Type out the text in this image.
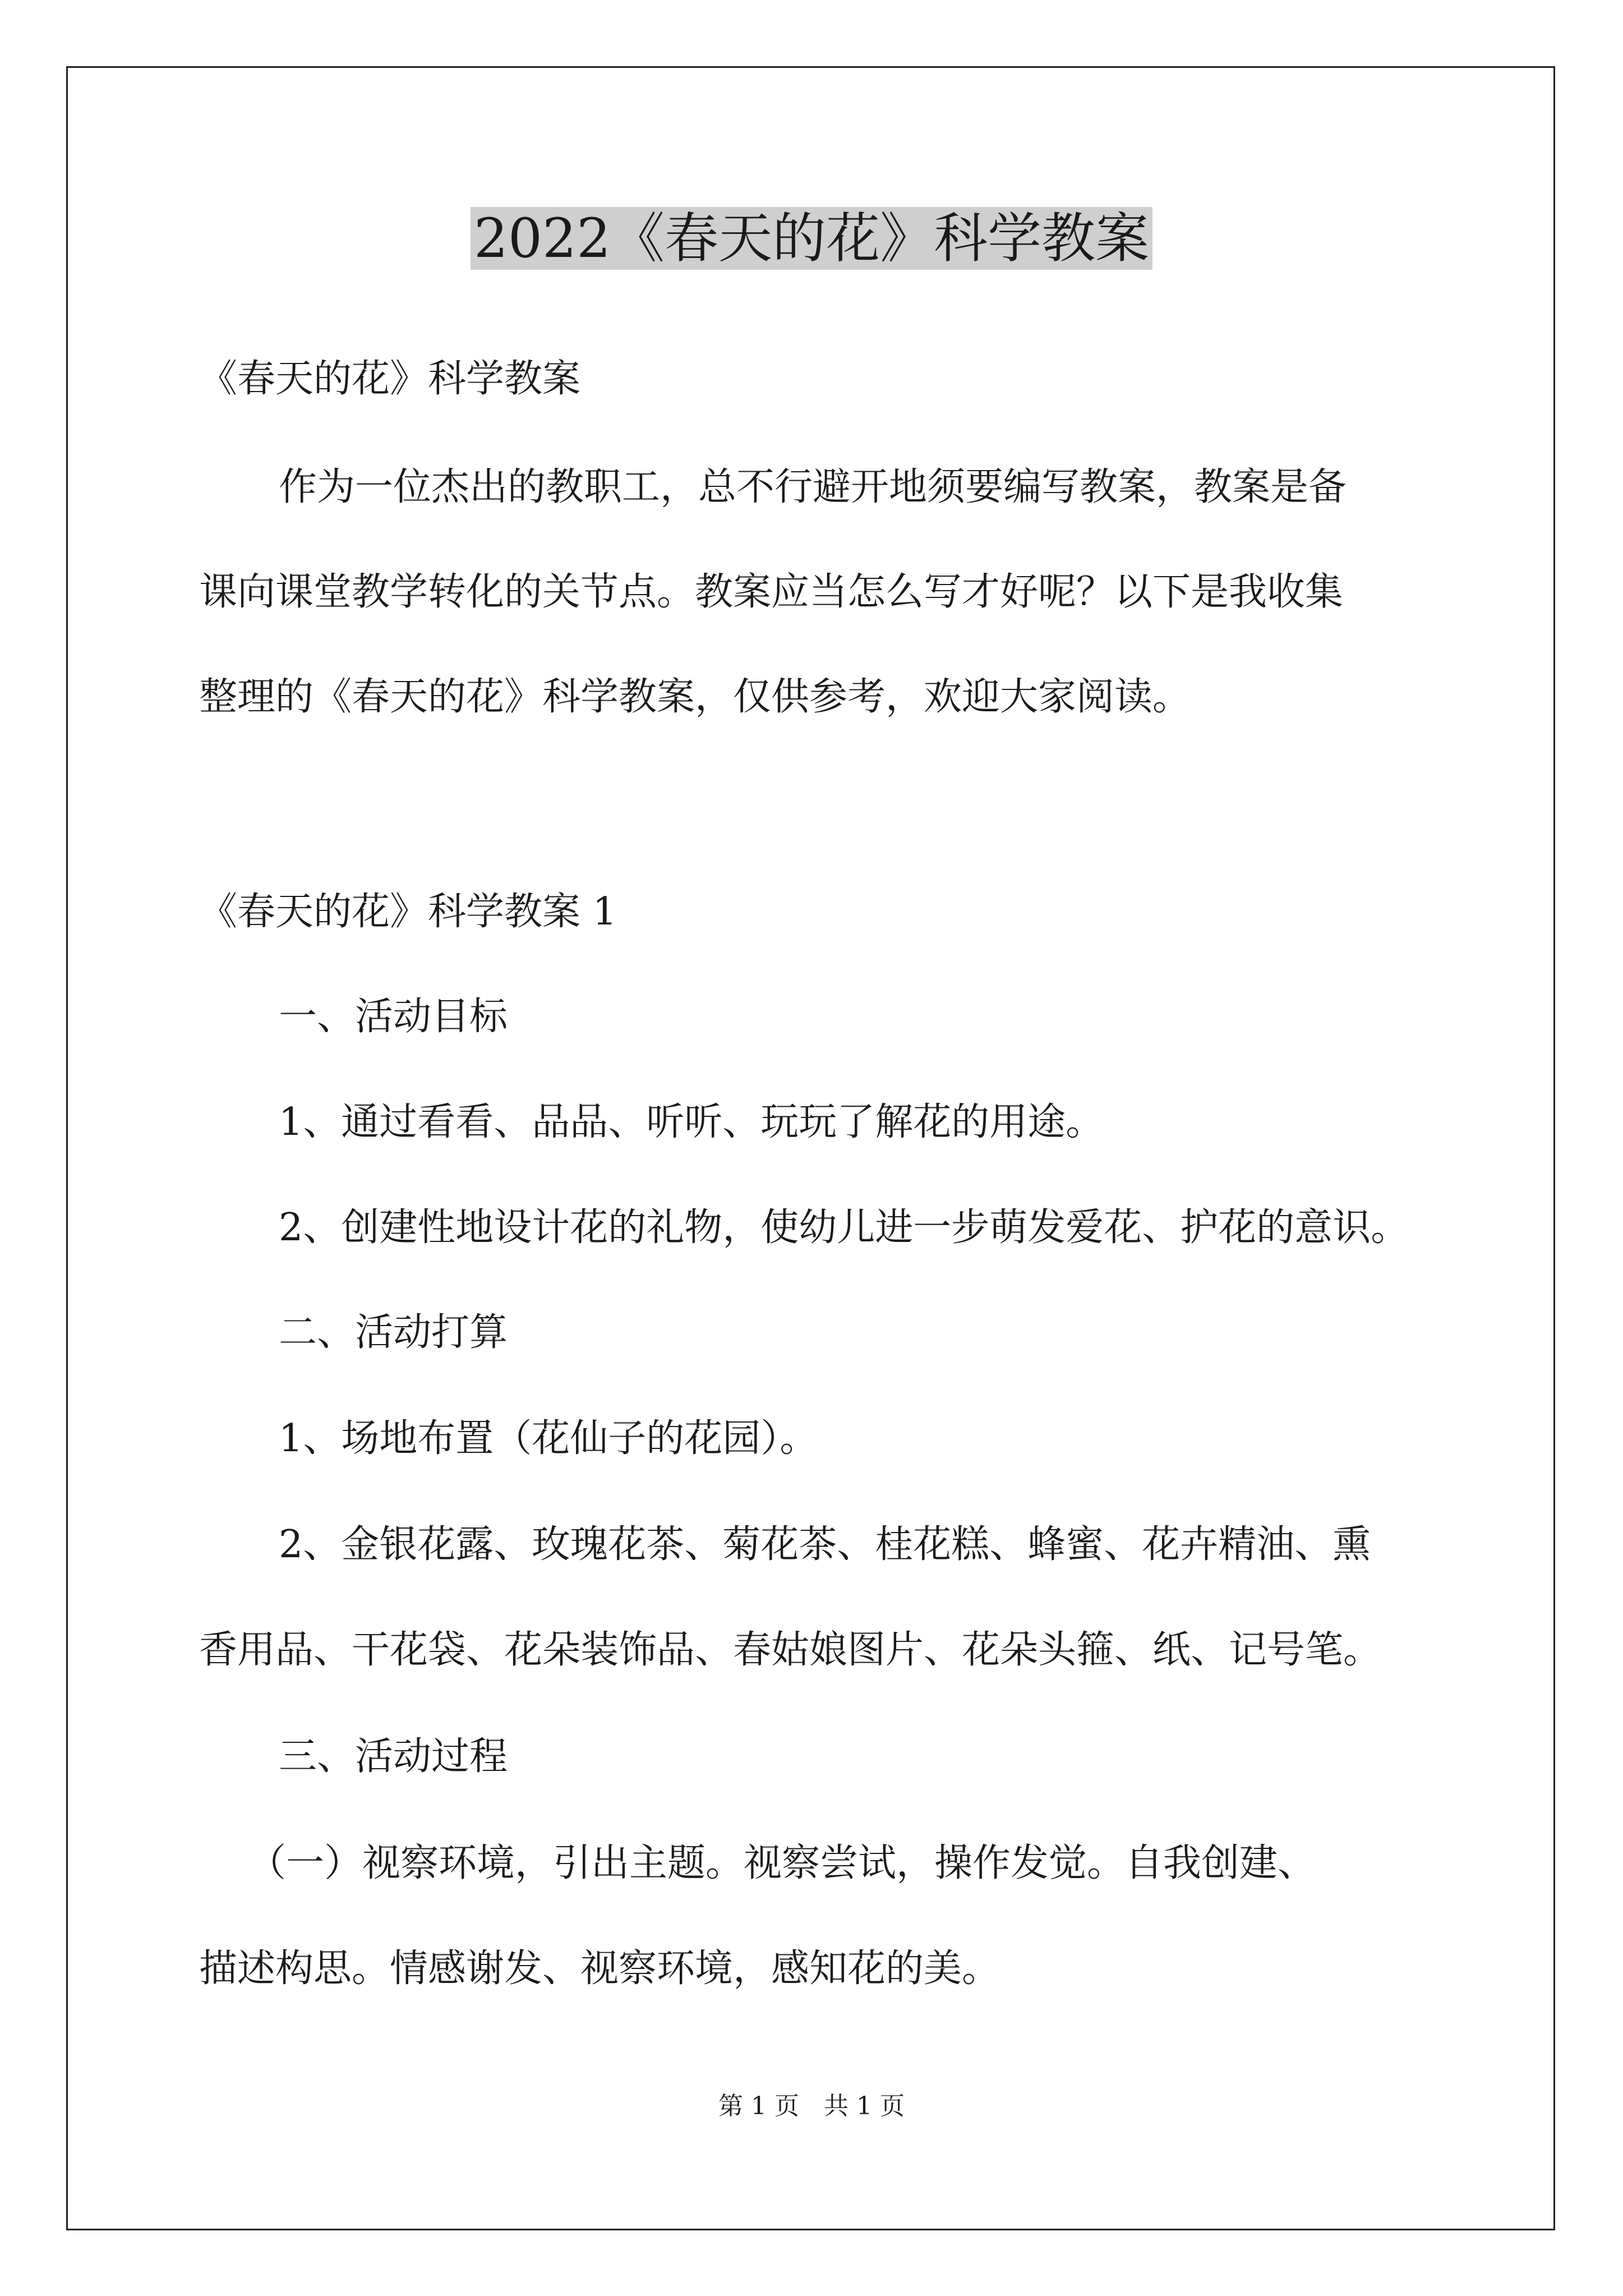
2022《春天的花》科学教案
《春天的花》科学教案
作为一位杰出的教职工，总不行避开地须要编写教案，教案是备
课向课堂教学转化的关节点。教案应当怎么写才好呢？以下是我收集
整理的《春天的花》科学教案，仅供参考，欢迎大家阅读。
《春天的花》科学教案 1
一、活动目标
1、通过看看、品品、听听、玩玩了解花的用途。
2、创建性地设计花的礼物，使幼儿进一步萌发爱花、护花的意识。
二、活动打算
1、场地布置（花仙子的花园）。
2、金银花露、玫瑰花茶、菊花茶、桂花糕、蜂蜜、花卉精油、熏
香用品、干花袋、花朵装饰品、春姑娘图片、花朵头箍、纸、记号笔。
三、活动过程
（一）视察环境，引出主题。视察尝试，操作发觉。自我创建、
描述构思。情感谢发、视察环境，感知花的美。
第 1 页　共 1 页
